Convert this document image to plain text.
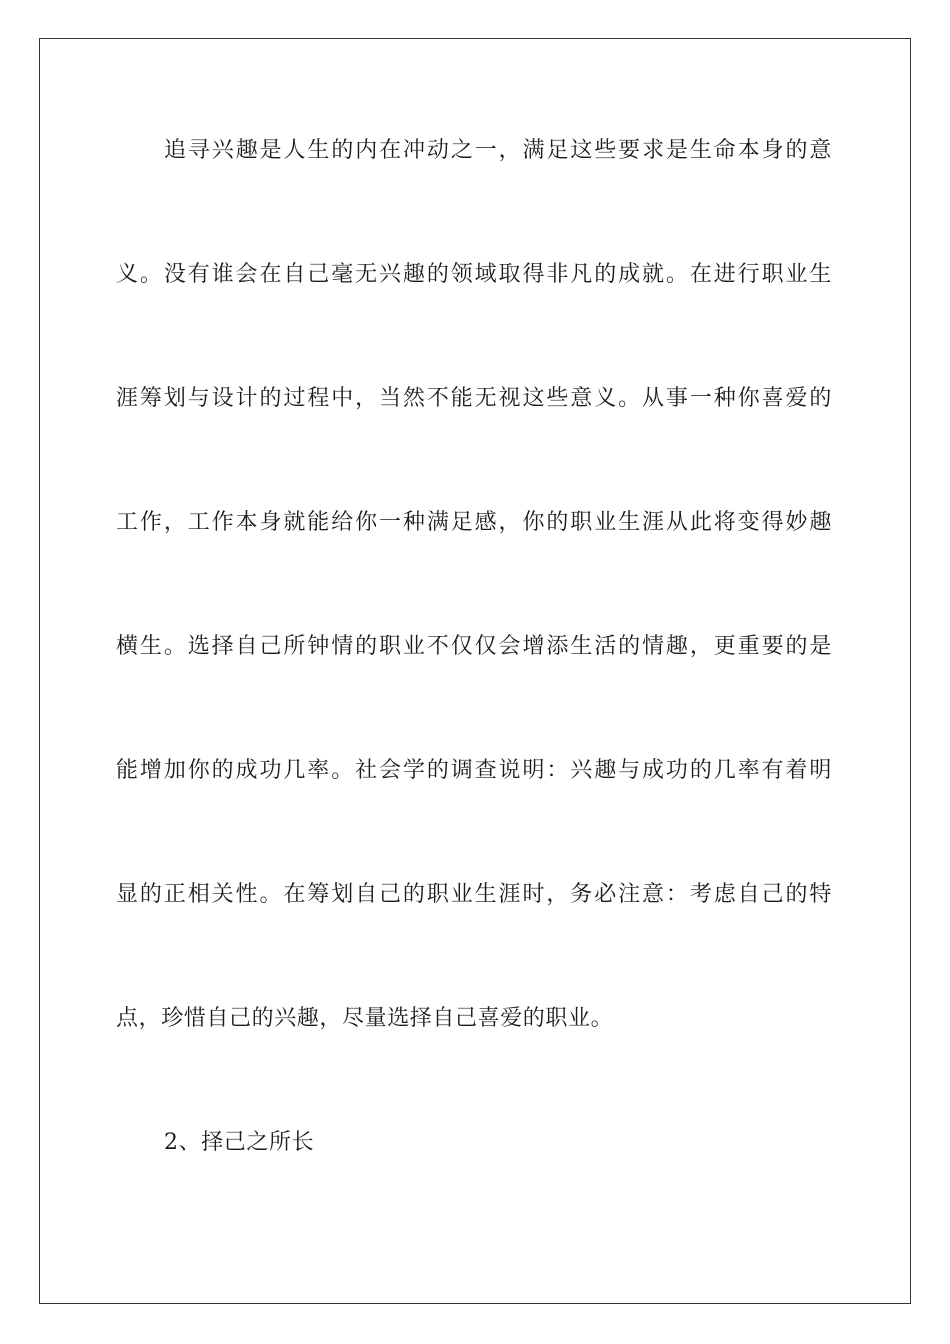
追寻兴趣是人生的内在冲动之一，满足这些要求是生命本身的意
义。没有谁会在自己毫无兴趣的领域取得非凡的成就。在进行职业生
涯筹划与设计的过程中，当然不能无视这些意义。从事一种你喜爱的
工作，工作本身就能给你一种满足感，你的职业生涯从此将变得妙趣
横生。选择自己所钟情的职业不仅仅会增添生活的情趣，更重要的是
能增加你的成功几率。社会学的调查说明：兴趣与成功的几率有着明
显的正相关性。在筹划自己的职业生涯时，务必注意：考虑自己的特
点，珍惜自己的兴趣，尽量选择自己喜爱的职业。
2、择己之所长
